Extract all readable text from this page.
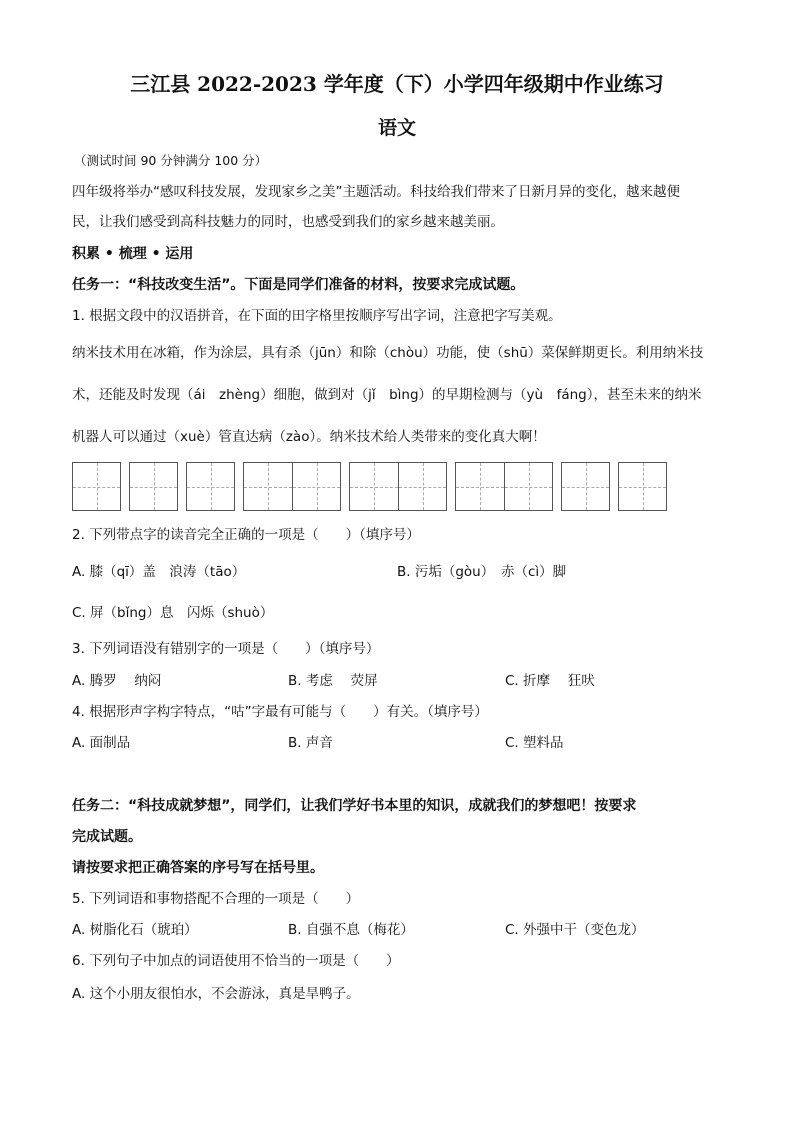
三江县 2022-2023 学年度（下）小学四年级期中作业练习
语文
（测试时间 90 分钟满分 100 分）
四年级将举办“感叹科技发展，发现家乡之美”主题活动。科技给我们带来了日新月异的变化，越来越便
民，让我们感受到高科技魅力的同时，也感受到我们的家乡越来越美丽。
积累 • 梳理 • 运用
任务一：“科技改变生活”。下面是同学们准备的材料，按要求完成试题。
1. 根据文段中的汉语拼音，在下面的田字格里按顺序写出字词，注意把字写美观。
纳米技术用在冰箱，作为涂层，具有杀（jūn）和除（chòu）功能，使（shū）菜保鲜期更长。利用纳米技
术，还能及时发现（ái　zhèng）细胞，做到对（jǐ　bìng）的早期检测与（yù　fáng），甚至未来的纳米
机器人可以通过（xuè）管直达病（zào）。纳米技术给人类带来的变化真大啊！
2. 下列带点字的读音完全正确的一项是（　　）（填序号）
A. 膝（qī）盖　浪涛（tāo）	B. 污垢（gòu）　赤（cì）脚
C. 屏（bǐng）息　闪烁（shuò）
3. 下列词语没有错别字的一项是（　　）（填序号）
A. 腾罗　 纳闷	B. 考虑　 荧屏	C. 折摩　 狂吠
4. 根据形声字构字特点，“咕”字最有可能与（　　）有关。（填序号）
A. 面制品	B. 声音	C. 塑料品
任务二：“科技成就梦想”，同学们，让我们学好书本里的知识，成就我们的梦想吧！按要求
完成试题。
请按要求把正确答案的序号写在括号里。
5. 下列词语和事物搭配不合理的一项是（　　）
A. 树脂化石（琥珀）	B. 自强不息（梅花）	C. 外强中干（变色龙）
6. 下列句子中加点的词语使用不恰当的一项是（　　）
A. 这个小朋友很怕水，不会游泳，真是旱鸭子。
